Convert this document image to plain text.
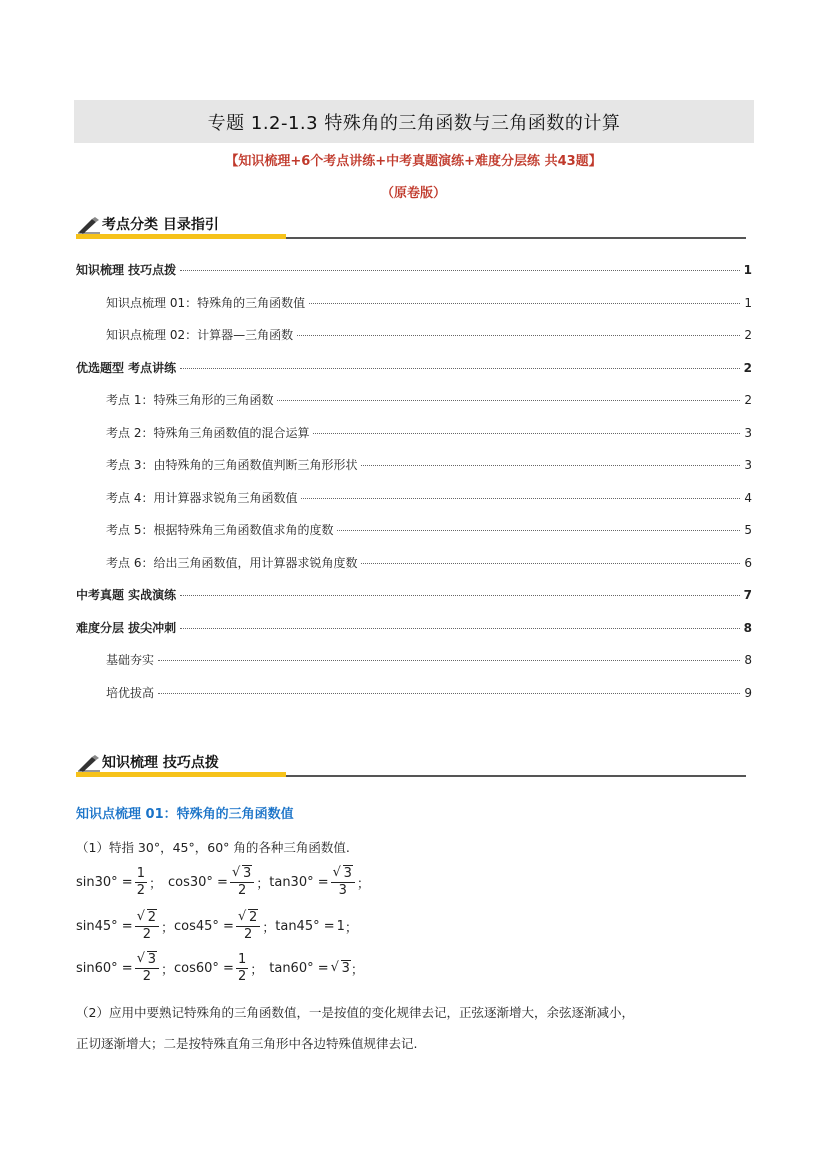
专题 1.2-1.3 特殊角的三角函数与三角函数的计算
【知识梳理+6个考点讲练+中考真题演练+难度分层练 共43题】
（原卷版）
考点分类 目录指引
知识梳理 技巧点拨	1
知识点梳理 01：特殊角的三角函数值	1
知识点梳理 02：计算器—三角函数	2
优选题型 考点讲练	2
考点 1：特殊三角形的三角函数	2
考点 2：特殊角三角函数值的混合运算	3
考点 3：由特殊角的三角函数值判断三角形形状	3
考点 4：用计算器求锐角三角函数值	4
考点 5：根据特殊角三角函数值求角的度数	5
考点 6：给出三角函数值，用计算器求锐角度数	6
中考真题 实战演练	7
难度分层 拔尖冲刺	8
基础夯实	8
培优拔高	9
知识梳理 技巧点拨
知识点梳理 01：特殊角的三角函数值
（1）特指 30°，45°，60° 角的各种三角函数值.
$\sin 30^\circ = \frac{1}{2}$ ； cos30° = √ $\frac{3}{2}$ ； tan30° = √ $\frac{3}{3}$ ；
sin45° = √ $\frac{2}{2}$ ； cos45° = √ $\frac{2}{2}$ ； tan45° = 1 ；
sin60° = √ $\frac{3}{2}$ ； $\cos 60^\circ = \frac{1}{2}$ ； tan60° =	√ 3 ；
（2）应用中要熟记特殊角的三角函数值，一是按值的变化规律去记，正弦逐渐增大，余弦逐渐减小，
正切逐渐增大；二是按特殊直角三角形中各边特殊值规律去记.
